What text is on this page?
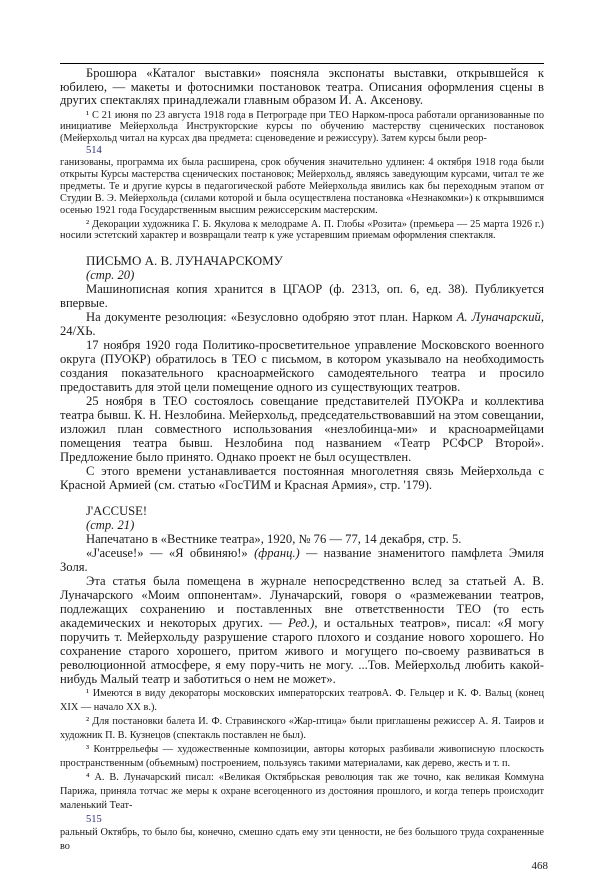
Брошюра «Каталог выставки» поясняла экспонаты выставки, открывшейся к юбилею, — макеты и фотоснимки постановок театра. Описания оформления сцены в других спектаклях принадлежали главным образом И. А. Аксенову.

¹ С 21 июня по 23 августа 1918 года в Петрограде при ТЕО Нарком-проса работали организованные по инициативе Мейерхольда Инструкторские курсы по обучению мастерству сценических постановок (Мейерхольд читал на курсах два предмета: сценоведение и режиссуру). Затем курсы были реор-

514

ганизованы, программа их была расширена, срок обучения значительно удлинен: 4 октября 1918 года были открыты Курсы мастерства сценических постановок; Мейерхольд, являясь заведующим курсами, читал те же предметы. Те и другие курсы в педагогической работе Мейерхольда явились как бы переходным этапом от Студии В. Э. Мейерхольда (силами которой и была осуществлена постановка «Незнакомки») к открывшимся осенью 1921 года Государственным высшим режиссерским мастерским.

² Декорации художника Г. Б. Якулова к мелодраме А. П. Глобы «Розита» (премьера — 25 марта 1926 г.) носили эстетский характер и возвращали театр к уже устаревшим приемам оформления спектакля.

ПИСЬМО А. В. ЛУНАЧАРСКОМУ

(стр. 20)

Машинописная копия хранится в ЦГАОР (ф. 2313, оп. 6, ед. 38). Публикуется впервые.

На документе резолюция: «Безусловно одобряю этот план. Нарком А. Луначарский, 24/ХЬ.

17 ноября 1920 года Политико-просветительное управление Московского военного округа (ПУОКР) обратилось в ТЕО с письмом, в котором указывало на необходимость создания показательного красноармейского самодеятельного театра и просило предоставить для этой цели помещение одного из существующих театров.

25 ноября в ТЕО состоялось совещание представителей ПУОКРа и коллектива театра бывш. К. Н. Незлобина. Мейерхольд, председательствовавший на этом совещании, изложил план совместного использования «незлобинца-ми» и красноармейцами помещения театра бывш. Незлобина под названием «Театр РСФСР Второй». Предложение было принято. Однако проект не был осуществлен.

С этого времени устанавливается постоянная многолетняя связь Мейерхольда с Красной Армией (см. статью «ГосТИМ и Красная Армия», стр. '179).

J'ACCUSE!

(стр. 21)

Напечатано в «Вестнике театра», 1920, № 76 — 77, 14 декабря, стр. 5.

«J'aceuse!» — «Я обвиняю!» (франц.) — название знаменитого памфлета Эмиля Золя.

Эта статья была помещена в журнале непосредственно вслед за статьей А. В. Луначарского «Моим оппонентам». Луначарский, говоря о «размежевании театров, подлежащих сохранению и поставленных вне ответственности ТЕО (то есть академических и некоторых других. — Ред.), и остальных театров», писал: «Я могу поручить т. Мейерхольду разрушение старого плохого и создание нового хорошего. Но сохранение старого хорошего, притом живого и могущего по-своему развиваться в революционной атмосфере, я ему пору-чить не могу. ...Тов. Мейерхольд любить какой-нибудь Малый театр и заботиться о нем не может».

¹ Имеются в виду декораторы московских императорских театровА. Ф. Гельцер и К. Ф. Вальц (конец XIX — начало XX в.).

² Для постановки балета И. Ф. Стравинского «Жар-птица» были приглашены режиссер А. Я. Таиров и художник П. В. Кузнецов (спектакль поставлен не был).

³ Контррельефы — художественные композиции, авторы которых разбивали живописную плоскость пространственным (объемным) построением, пользуясь такими материалами, как дерево, жесть и т. п.

⁴ А. В. Луначарский писал: «Великая Октябрьская революция так же точно, как великая Коммуна Парижа, приняла тотчас же меры к охране всегоценного из достояния прошлого, и когда теперь происходит маленький Теат-

515

ральный Октябрь, то было бы, конечно, смешно сдать ему эти ценности, не без большого труда сохраненные во

468
